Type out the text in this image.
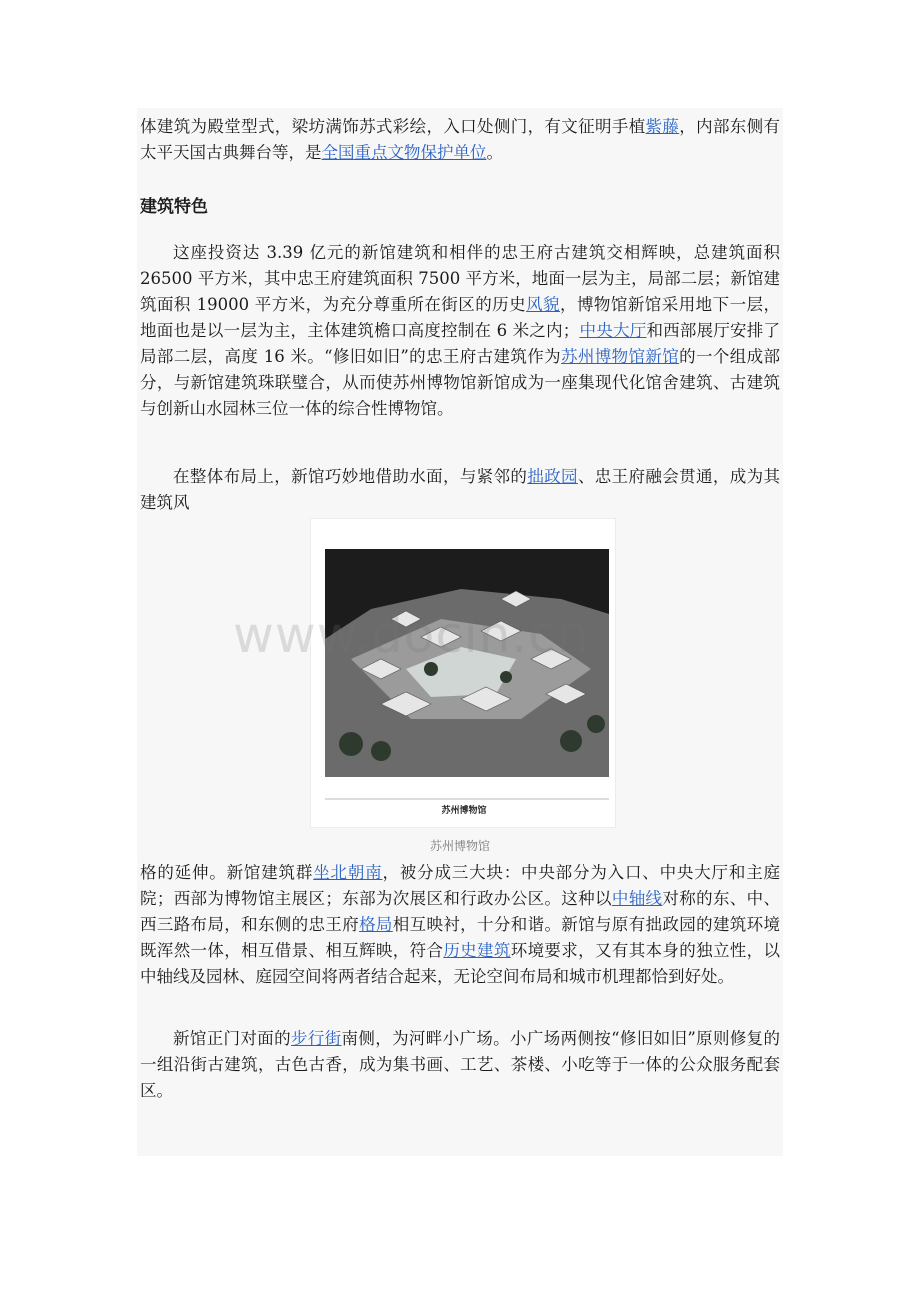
体建筑为殿堂型式，梁坊满饰苏式彩绘，入口处侧门，有文征明手植紫藤，内部东侧有太平天国古典舞台等，是全国重点文物保护单位。

建筑特色

这座投资达 3.39 亿元的新馆建筑和相伴的忠王府古建筑交相辉映，总建筑面积 26500 平方米，其中忠王府建筑面积 7500 平方米，地面一层为主，局部二层；新馆建筑面积 19000 平方米，为充分尊重所在街区的历史风貌，博物馆新馆采用地下一层，地面也是以一层为主，主体建筑檐口高度控制在 6 米之内；中央大厅和西部展厅安排了局部二层，高度 16 米。“修旧如旧”的忠王府古建筑作为苏州博物馆新馆的一个组成部分，与新馆建筑珠联璧合，从而使苏州博物馆新馆成为一座集现代化馆舍建筑、古建筑与创新山水园林三位一体的综合性博物馆。

在整体布局上，新馆巧妙地借助水面，与紧邻的拙政园、忠王府融会贯通，成为其建筑风

苏州博物馆
www.docin.cn
苏州博物馆

格的延伸。新馆建筑群坐北朝南，被分成三大块：中央部分为入口、中央大厅和主庭院；西部为博物馆主展区；东部为次展区和行政办公区。这种以中轴线对称的东、中、西三路布局，和东侧的忠王府格局相互映衬，十分和谐。新馆与原有拙政园的建筑环境既浑然一体，相互借景、相互辉映，符合历史建筑环境要求，又有其本身的独立性，以中轴线及园林、庭园空间将两者结合起来，无论空间布局和城市机理都恰到好处。

新馆正门对面的步行街南侧，为河畔小广场。小广场两侧按“修旧如旧”原则修复的一组沿街古建筑，古色古香，成为集书画、工艺、茶楼、小吃等于一体的公众服务配套区。
